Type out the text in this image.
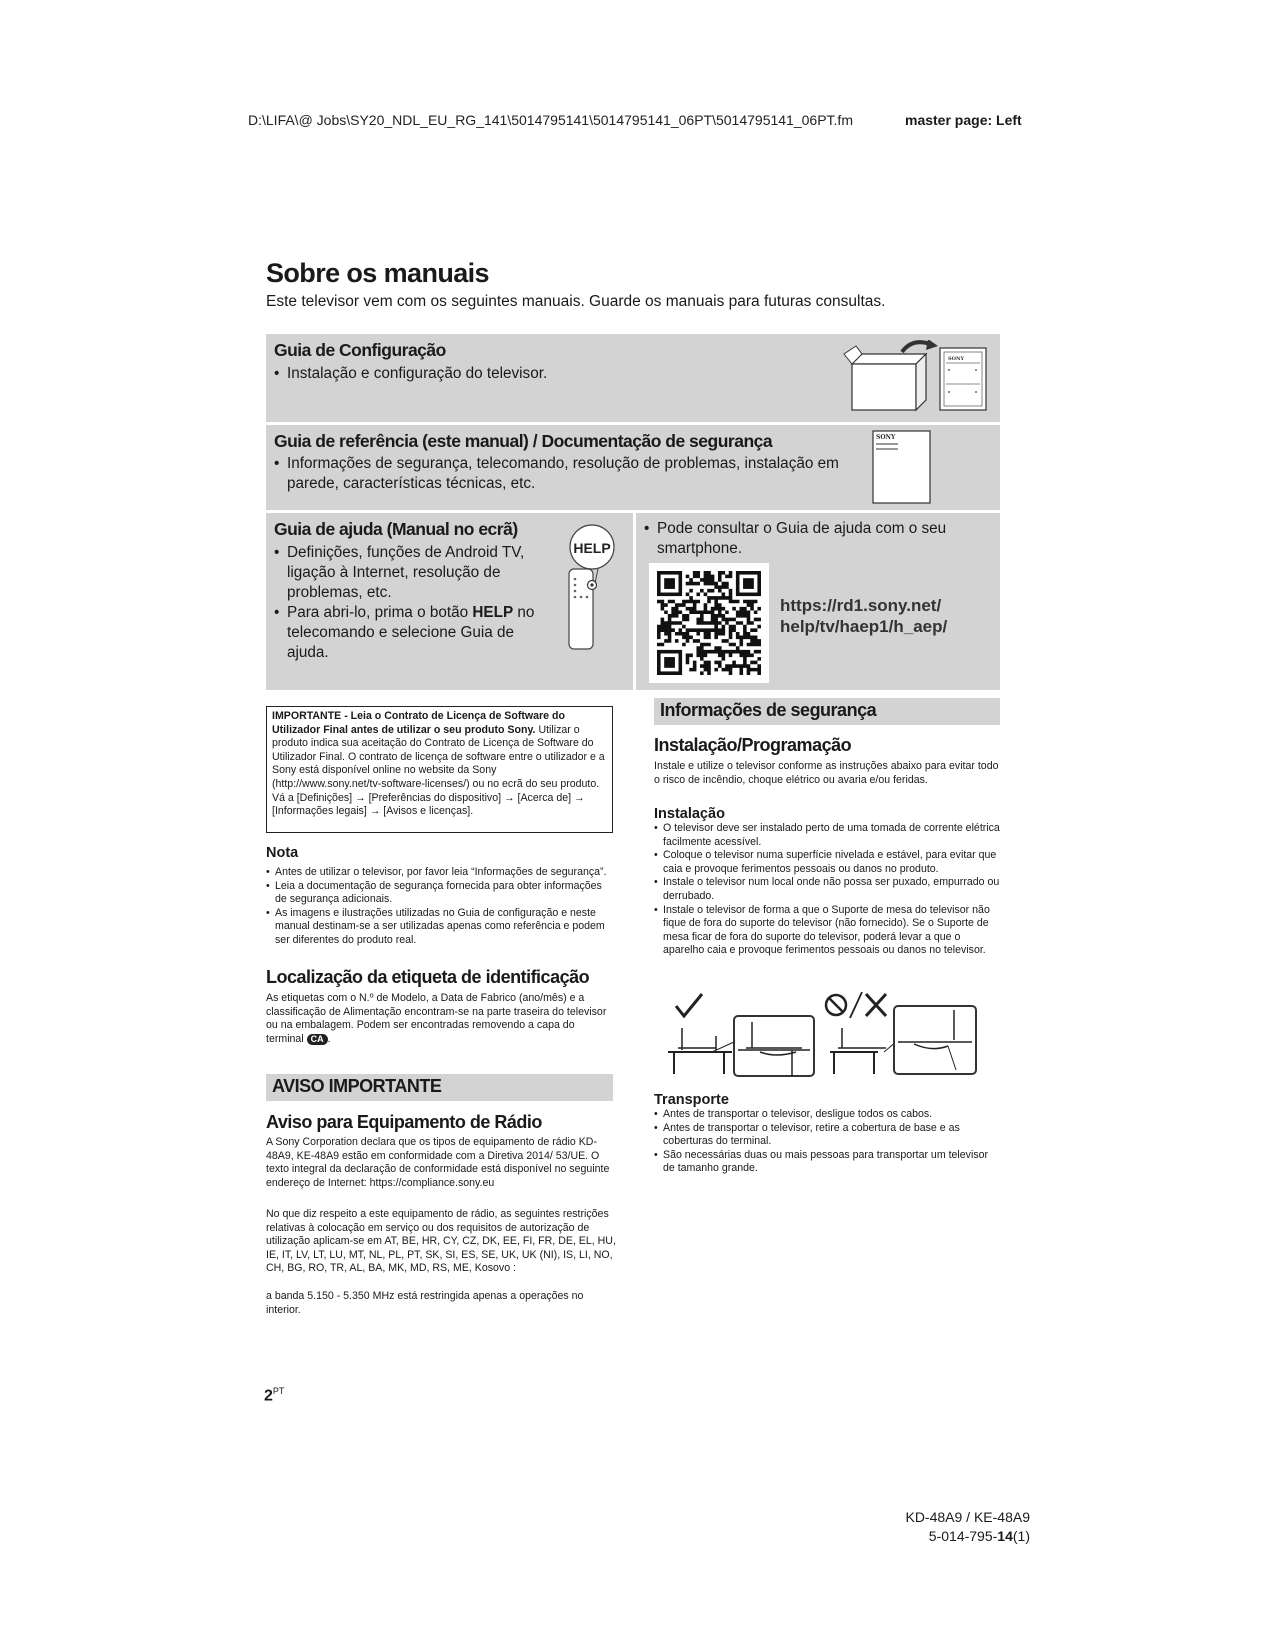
D:\LIFA\@ Jobs\SY20_NDL_EU_RG_141\5014795141\5014795141_06PT\5014795141_06PT.fm	master page: Left
Sobre os manuais
Este televisor vem com os seguintes manuais. Guarde os manuais para futuras consultas.
Guia de Configuração
• Instalação e configuração do televisor.
SONY
Guia de referência (este manual) / Documentação de segurança
• Informações de segurança, telecomando, resolução de problemas, instalação em parede, características técnicas, etc.
SONY
Guia de ajuda (Manual no ecrã)
• Definições, funções de Android TV, ligação à Internet, resolução de problemas, etc.
• Para abri-lo, prima o botão HELP no telecomando e selecione Guia de ajuda.
HELP
• Pode consultar o Guia de ajuda com o seu smartphone.
https://rd1.sony.net/
help/tv/haep1/h_aep/
IMPORTANTE - Leia o Contrato de Licença de Software do Utilizador Final antes de utilizar o seu produto Sony. Utilizar o produto indica sua aceitação do Contrato de Licença de Software do Utilizador Final. O contrato de licença de software entre o utilizador e a Sony está disponível online no website da Sony (http://www.sony.net/tv-software-licenses/) ou no ecrã do seu produto. Vá a [Definições] → [Preferências do dispositivo] → [Acerca de] → [Informações legais] → [Avisos e licenças].
Nota
• Antes de utilizar o televisor, por favor leia “Informações de segurança”.
• Leia a documentação de segurança fornecida para obter informações de segurança adicionais.
• As imagens e ilustrações utilizadas no Guia de configuração e neste manual destinam-se a ser utilizadas apenas como referência e podem ser diferentes do produto real.
Localização da etiqueta de identificação
As etiquetas com o N.º de Modelo, a Data de Fabrico (ano/mês) e a classificação de Alimentação encontram-se na parte traseira do televisor ou na embalagem. Podem ser encontradas removendo a capa do terminal CA .
AVISO IMPORTANTE
Aviso para Equipamento de Rádio
A Sony Corporation declara que os tipos de equipamento de rádio KD-48A9, KE-48A9 estão em conformidade com a Diretiva 2014/ 53/UE. O texto integral da declaração de conformidade está disponível no seguinte endereço de Internet: https://compliance.sony.eu
No que diz respeito a este equipamento de rádio, as seguintes restrições relativas à colocação em serviço ou dos requisitos de autorização de utilização aplicam-se em AT, BE, HR, CY, CZ, DK, EE, FI, FR, DE, EL, HU, IE, IT, LV, LT, LU, MT, NL, PL, PT, SK, SI, ES, SE, UK, UK (NI), IS, LI, NO, CH, BG, RO, TR, AL, BA, MK, MD, RS, ME, Kosovo :
a banda 5.150 - 5.350 MHz está restringida apenas a operações no interior.
Informações de segurança
Instalação/Programação
Instale e utilize o televisor conforme as instruções abaixo para evitar todo o risco de incêndio, choque elétrico ou avaria e/ou feridas.
Instalação
• O televisor deve ser instalado perto de uma tomada de corrente elétrica facilmente acessível.
• Coloque o televisor numa superfície nivelada e estável, para evitar que caia e provoque ferimentos pessoais ou danos no produto.
• Instale o televisor num local onde não possa ser puxado, empurrado ou derrubado.
• Instale o televisor de forma a que o Suporte de mesa do televisor não fique de fora do suporte do televisor (não fornecido). Se o Suporte de mesa ficar de fora do suporte do televisor, poderá levar a que o aparelho caia e provoque ferimentos pessoais ou danos no televisor.
Transporte
• Antes de transportar o televisor, desligue todos os cabos.
• Antes de transportar o televisor, retire a cobertura de base e as coberturas do terminal.
• São necessárias duas ou mais pessoas para transportar um televisor de tamanho grande.
$2^{PT}$
KD-48A9 / KE-48A9
5-014-795-14(1)
